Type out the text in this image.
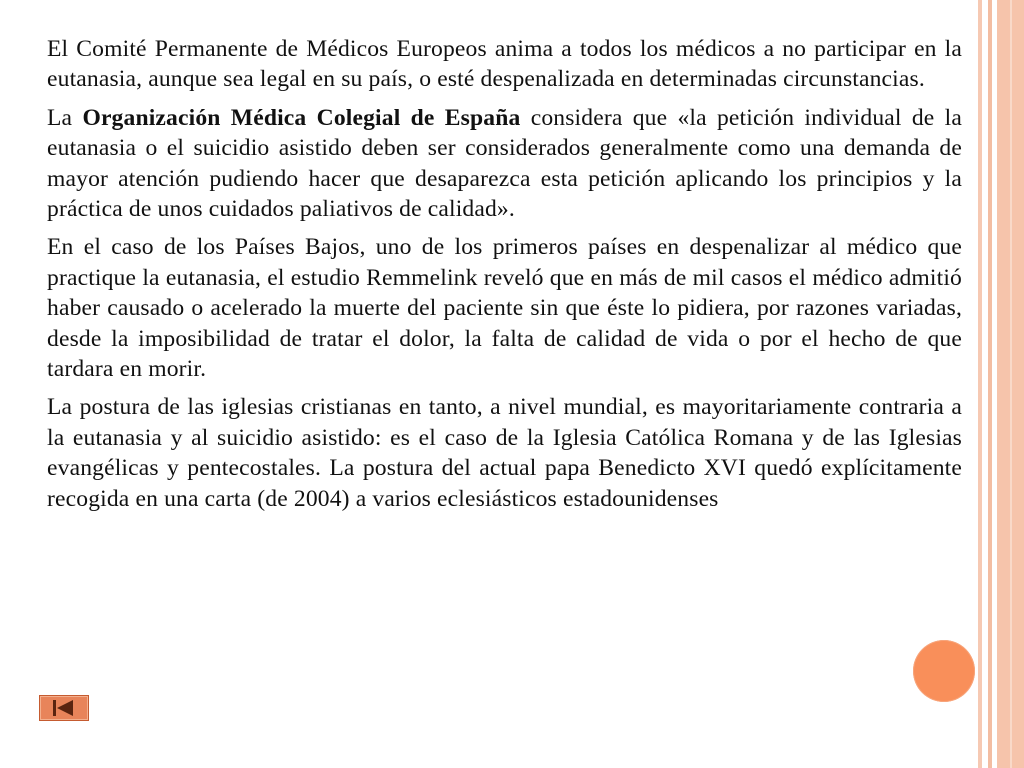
El Comité Permanente de Médicos Europeos anima a todos los médicos a no participar en la eutanasia, aunque sea legal en su país, o esté despenalizada en determinadas circunstancias.

La Organización Médica Colegial de España considera que «la petición individual de la eutanasia o el suicidio asistido deben ser considerados generalmente como una demanda de mayor atención pudiendo hacer que desaparezca esta petición aplicando los principios y la práctica de unos cuidados paliativos de calidad».

En el caso de los Países Bajos, uno de los primeros países en despenalizar al médico que practique la eutanasia, el estudio Remmelink reveló que en más de mil casos el médico admitió haber causado o acelerado la muerte del paciente sin que éste lo pidiera, por razones variadas, desde la imposibilidad de tratar el dolor, la falta de calidad de vida o por el hecho de que tardara en morir.

La postura de las iglesias cristianas en tanto, a nivel mundial, es mayoritariamente contraria a la eutanasia y al suicidio asistido: es el caso de la Iglesia Católica Romana y de las Iglesias evangélicas y pentecostales. La postura del actual papa Benedicto XVI quedó explícitamente recogida en una carta (de 2004) a varios eclesiásticos estadounidenses
